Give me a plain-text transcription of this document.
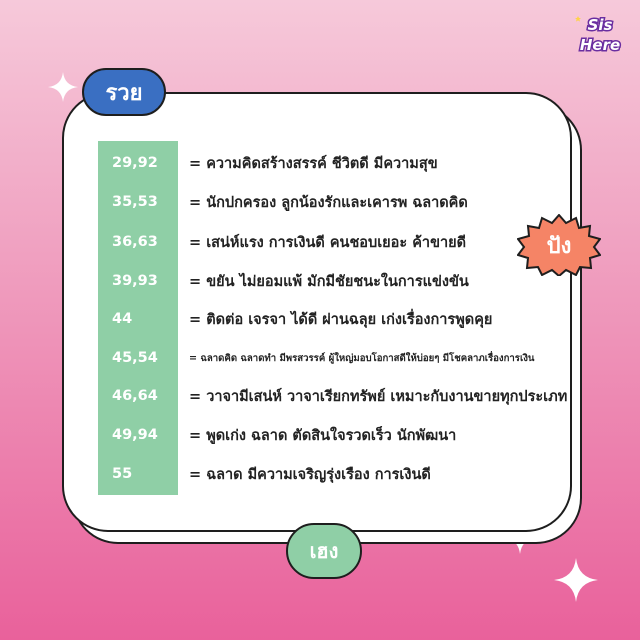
Sis
Here
29,92	= ความคิดสร้างสรรค์ ชีวิตดี มีความสุข
35,53	= นักปกครอง ลูกน้องรักและเคารพ ฉลาดคิด
36,63	= เสน่ห์แรง การเงินดี คนชอบเยอะ ค้าขายดี
39,93	= ขยัน ไม่ยอมแพ้ มักมีชัยชนะในการแข่งขัน
44	= ติดต่อ เจรจา ได้ดี ผ่านฉลุย เก่งเรื่องการพูดคุย
45,54	= ฉลาดคิด ฉลาดทำ มีพรสวรรค์ ผู้ใหญ่มอบโอกาสดีให้บ่อยๆ มีโชคลาภเรื่องการเงิน
46,64	= วาจามีเสน่ห์ วาจาเรียกทรัพย์ เหมาะกับงานขายทุกประเภท
49,94	= พูดเก่ง ฉลาด ตัดสินใจรวดเร็ว นักพัฒนา
55	= ฉลาด มีความเจริญรุ่งเรือง การเงินดี
รวย
ปัง
เฮง
